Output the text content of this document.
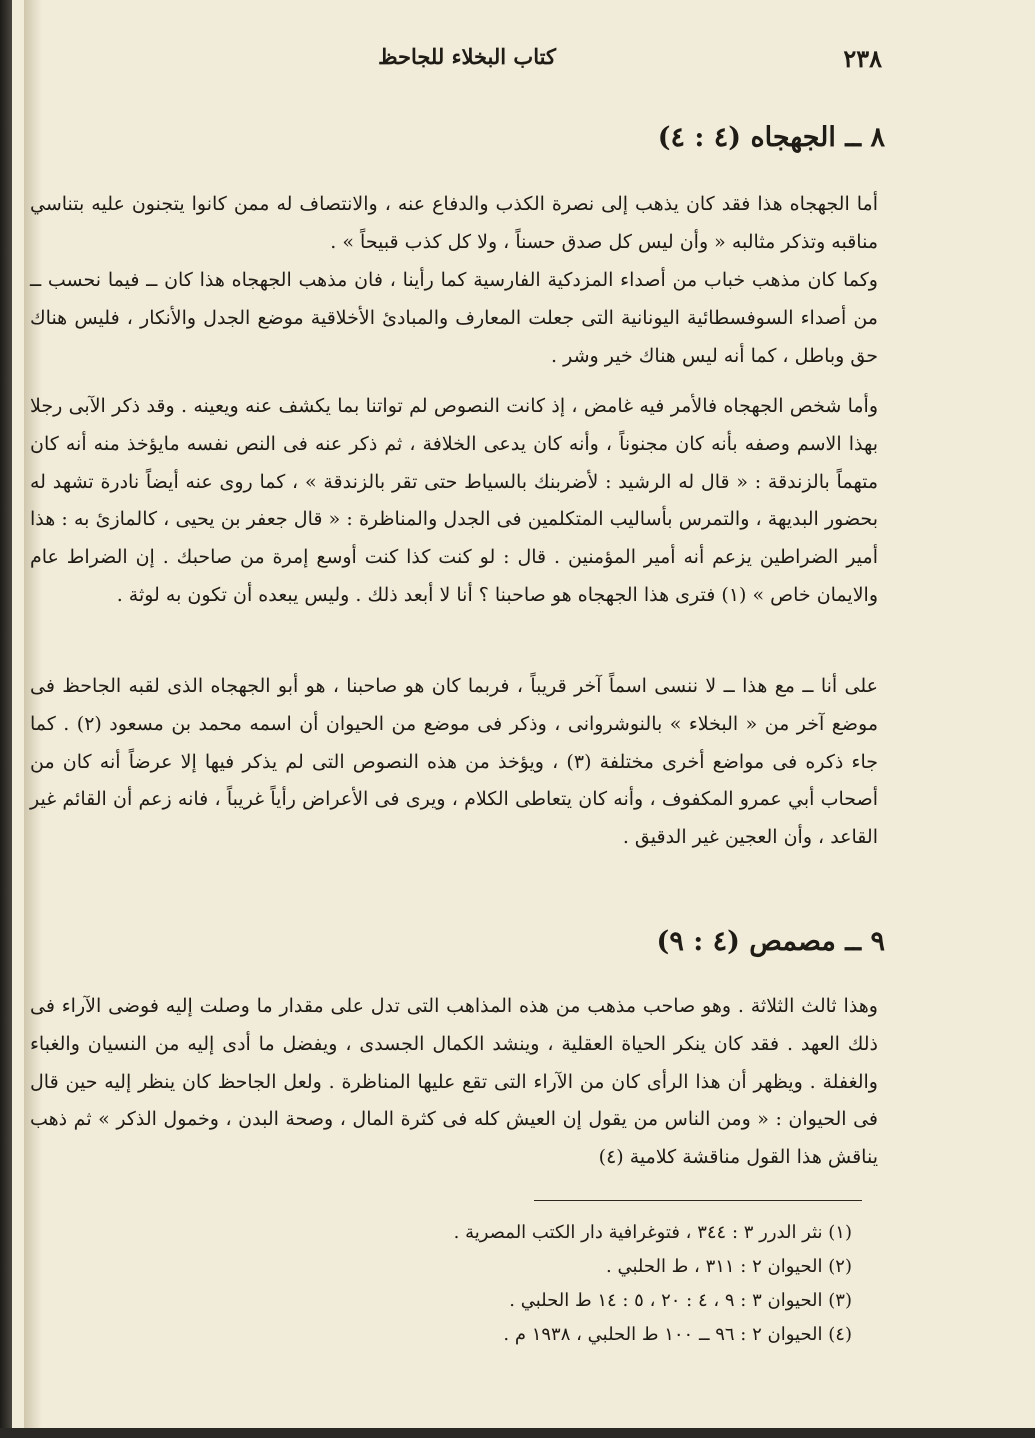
كتاب البخلاء للجاحظ	٢٣٨
٨ ــ الجهجاه (٤ : ٤)
أما الجهجاه هذا فقد كان يذهب إلى نصرة الكذب والدفاع عنه ، والانتصاف له ممن كانوا يتجنون عليه بتناسي مناقبه وتذكر مثالبه « وأن ليس كل صدق حسناً ، ولا كل كذب قبيحاً » .
وكما كان مذهب خباب من أصداء المزدكية الفارسية كما رأينا ، فان مذهب الجهجاه هذا كان ــ فيما نحسب ــ من أصداء السوفسطائية اليونانية التى جعلت المعارف والمبادئ الأخلاقية موضع الجدل والأنكار ، فليس هناك حق وباطل ، كما أنه ليس هناك خير وشر .
وأما شخص الجهجاه فالأمر فيه غامض ، إذ كانت النصوص لم تواتنا بما يكشف عنه ويعينه . وقد ذكر الآبى رجلا بهذا الاسم وصفه بأنه كان مجنوناً ، وأنه كان يدعى الخلافة ، ثم ذكر عنه فى النص نفسه مايؤخذ منه أنه كان متهماً بالزندقة : « قال له الرشيد : لأضربنك بالسياط حتى تقر بالزندقة » ، كما روى عنه أيضاً نادرة تشهد له بحضور البديهة ، والتمرس بأساليب المتكلمين فى الجدل والمناظرة : « قال جعفر بن يحيى ، كالمازئ به : هذا أمير الضراطين يزعم أنه أمير المؤمنين . قال : لو كنت كذا كنت أوسع إمرة من صاحبك . إن الضراط عام والايمان خاص » (١) فترى هذا الجهجاه هو صاحبنا ؟ أنا لا أبعد ذلك . وليس يبعده أن تكون به لوثة .
على أنا ــ مع هذا ــ لا ننسى اسماً آخر قريباً ، فربما كان هو صاحبنا ، هو أبو الجهجاه الذى لقبه الجاحظ فى موضع آخر من « البخلاء » بالنوشروانى ، وذكر فى موضع من الحيوان أن اسمه محمد بن مسعود (٢) . كما جاء ذكره فى مواضع أخرى مختلفة (٣) ، ويؤخذ من هذه النصوص التى لم يذكر فيها إلا عرضاً أنه كان من أصحاب أبي عمرو المكفوف ، وأنه كان يتعاطى الكلام ، ويرى فى الأعراض رأياً غريباً ، فانه زعم أن القائم غير القاعد ، وأن العجين غير الدقيق .
٩ ــ مصمص (٤ : ٩)
وهذا ثالث الثلاثة . وهو صاحب مذهب من هذه المذاهب التى تدل على مقدار ما وصلت إليه فوضى الآراء فى ذلك العهد . فقد كان ينكر الحياة العقلية ، وينشد الكمال الجسدى ، ويفضل ما أدى إليه من النسيان والغباء والغفلة . ويظهر أن هذا الرأى كان من الآراء التى تقع عليها المناظرة . ولعل الجاحظ كان ينظر إليه حين قال فى الحيوان : « ومن الناس من يقول إن العيش كله فى كثرة المال ، وصحة البدن ، وخمول الذكر » ثم ذهب يناقش هذا القول مناقشة كلامية (٤)
(١) نثر الدرر ٣ : ٣٤٤ ، فتوغرافية دار الكتب المصرية .
(٢) الحيوان ٢ : ٣١١ ، ط الحلبي .
(٣) الحيوان ٣ : ٩ ، ٤ : ٢٠ ، ٥ : ١٤ ط الحلبي .
(٤) الحيوان ٢ : ٩٦ ــ ١٠٠ ط الحلبي ، ١٩٣٨ م .
